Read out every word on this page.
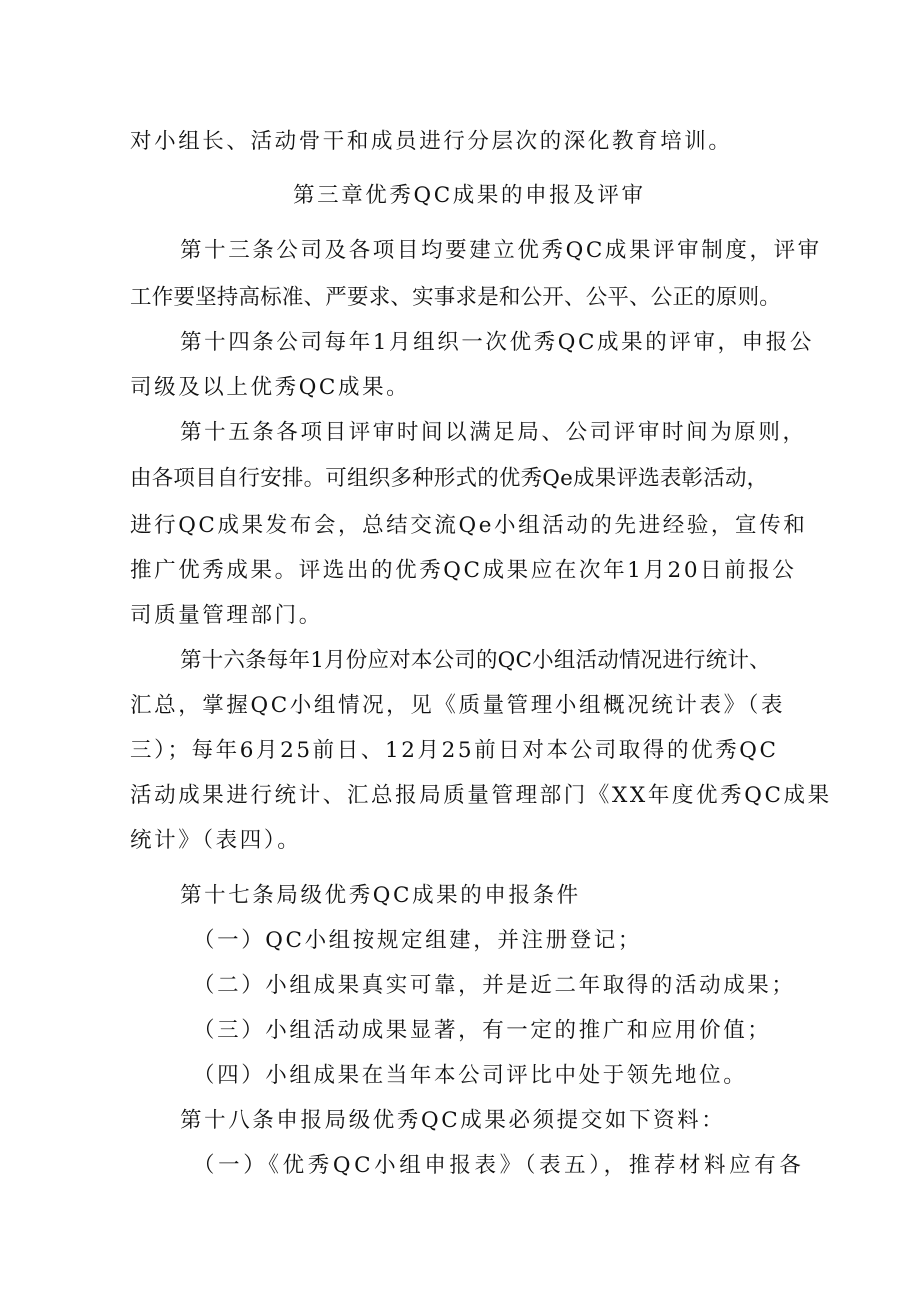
对小组长、活动骨干和成员进行分层次的深化教育培训。
第三章优秀QC成果的申报及评审
第十三条公司及各项目均要建立优秀QC成果评审制度，评审
工作要坚持高标准、严要求、实事求是和公开、公平、公正的原则。
第十四条公司每年1月组织一次优秀QC成果的评审，申报公
司级及以上优秀QC成果。
第十五条各项目评审时间以满足局、公司评审时间为原则，
由各项目自行安排。可组织多种形式的优秀Qe成果评选表彰活动，
进行QC成果发布会，总结交流Qe小组活动的先进经验，宣传和
推广优秀成果。评选出的优秀QC成果应在次年1月20日前报公
司质量管理部门。
第十六条每年1月份应对本公司的QC小组活动情况进行统计、
汇总，掌握QC小组情况，见《质量管理小组概况统计表》（表
三）；每年6月25前日、12月25前日对本公司取得的优秀QC
活动成果进行统计、汇总报局质量管理部门《XX年度优秀QC成果
统计》（表四）。
第十七条局级优秀QC成果的申报条件
（一）QC小组按规定组建，并注册登记；
（二）小组成果真实可靠，并是近二年取得的活动成果；
（三）小组活动成果显著，有一定的推广和应用价值；
（四）小组成果在当年本公司评比中处于领先地位。
第十八条申报局级优秀QC成果必须提交如下资料：
（一）《优秀QC小组申报表》（表五），推荐材料应有各
